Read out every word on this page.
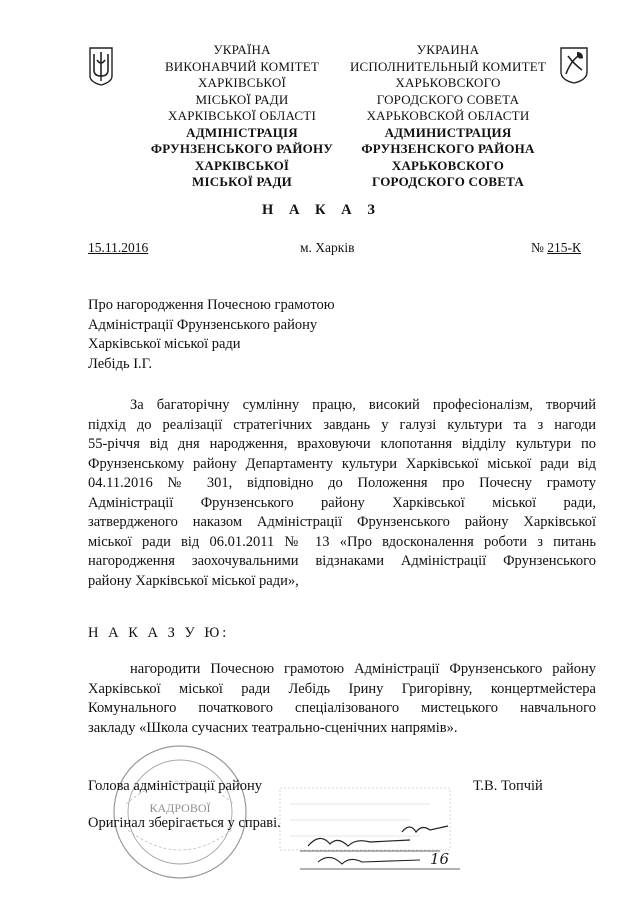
УКРАЇНА
ВИКОНАВЧИЙ КОМІТЕТ
ХАРКІВСЬКОЇ
МІСЬКОЇ РАДИ
ХАРКІВСЬКОЇ ОБЛАСТІ
АДМІНІСТРАЦІЯ
ФРУНЗЕНСЬКОГО РАЙОНУ
ХАРКІВСЬКОЇ
МІСЬКОЇ РАДИ
УКРАИНА
ИСПОЛНИТЕЛЬНЫЙ КОМИТЕТ
ХАРЬКОВСКОГО
ГОРОДСКОГО СОВЕТА
ХАРЬКОВСКОЙ ОБЛАСТИ
АДМИНИСТРАЦИЯ
ФРУНЗЕНСКОГО РАЙОНА
ХАРЬКОВСКОГО
ГОРОДСКОГО СОВЕТА
Н А К А З
15.11.2016	м. Харків	№ 215-К
Про нагородження Почесною грамотою
Адміністрації Фрунзенського району
Харківської міської ради
Лебідь І.Г.
За багаторічну сумлінну працю, високий професіоналізм, творчий
підхід до реалізації стратегічних завдань у галузі культури та з нагоди
55-річчя від дня народження, враховуючи клопотання відділу культури по
Фрунзенському району Департаменту культури Харківської міської ради від
04.11.2016 № 301, відповідно до Положення про Почесну грамоту
Адміністрації Фрунзенського району Харківської міської ради,
затвердженого наказом Адміністрації Фрунзенського району Харківської
міської ради від 06.01.2011 № 13 «Про вдосконалення роботи з питань
нагородження заохочувальними відзнаками Адміністрації Фрунзенського
району Харківської міської ради»,
Н А К А З У Ю:
нагородити Почесною грамотою Адміністрації Фрунзенського району
Харківської міської ради Лебідь Ірину Григорівну, концертмейстера
Комунального початкового спеціалізованого мистецького навчального
закладу «Школа сучасних театрально-сценічних напрямів».
КАДРОВОЇ
16
Голова адміністрації району	Т.В. Топчій
Оригінал зберігається у справі.
